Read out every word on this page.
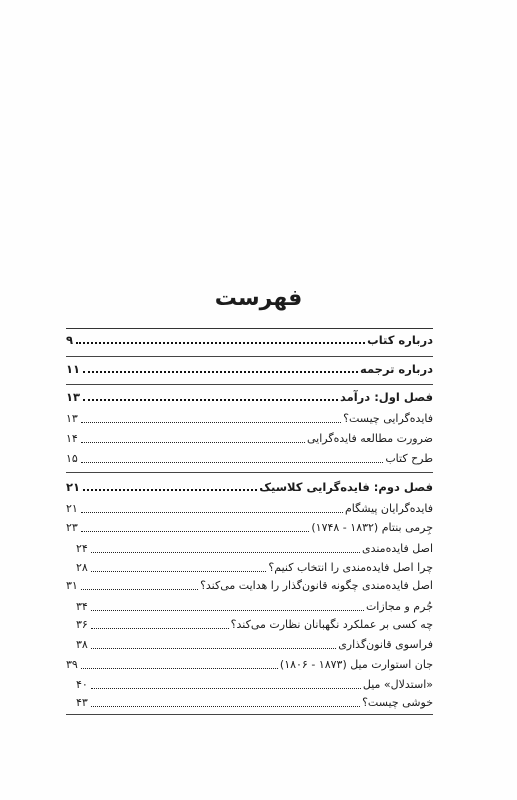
فهرست
درباره کتاب
۹
درباره ترجمه
۱۱
فصل اول: درآمد
۱۳
فایده‌گرایی چیست؟
۱۳
ضرورت مطالعه فایده‌گرایی
۱۴
طرح کتاب
۱۵
فصل دوم: فایده‌گرایی کلاسیک
۲۱
فایده‌گرایان پیشگام
۲۱
جِرمی بنتام (۱۸۳۲ - ۱۷۴۸)
۲۳
اصل فایده‌مندی
۲۴
چرا اصل فایده‌مندی را انتخاب کنیم؟
۲۸
اصل فایده‌مندی چگونه قانون‌گذار را هدایت می‌کند؟
۳۱
جُرم و مجازات
۳۴
چه کسی بر عملکرد نگهبانان نظارت می‌کند؟
۳۶
فراسوی قانون‌گذاری
۳۸
جان استوارت میل (۱۸۷۳ - ۱۸۰۶)
۳۹
«استدلال» میل
۴۰
خوشی چیست؟
۴۳
